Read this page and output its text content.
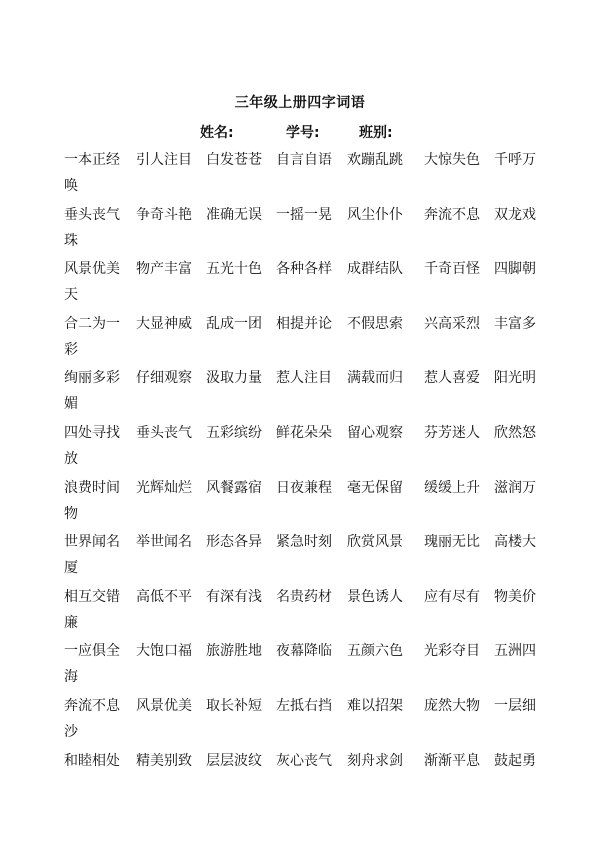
三年级上册四字词语
姓名:	学号:	班别:
一本正经 引人注目 白发苍苍 自言自语 欢蹦乱跳 大惊失色 千呼万
唤
垂头丧气 争奇斗艳 准确无误 一摇一晃 风尘仆仆 奔流不息 双龙戏
珠
风景优美 物产丰富 五光十色 各种各样 成群结队 千奇百怪 四脚朝
天
合二为一 大显神威 乱成一团 相提并论 不假思索 兴高采烈 丰富多
彩
绚丽多彩 仔细观察 汲取力量 惹人注目 满载而归 惹人喜爱 阳光明
媚
四处寻找 垂头丧气 五彩缤纷 鲜花朵朵 留心观察 芬芳迷人 欣然怒
放
浪费时间 光辉灿烂 风餐露宿 日夜兼程 毫无保留 缓缓上升 滋润万
物
世界闻名 举世闻名 形态各异 紧急时刻 欣赏风景 瑰丽无比 高楼大
厦
相互交错 高低不平 有深有浅 名贵药材 景色诱人 应有尽有 物美价
廉
一应俱全 大饱口福 旅游胜地 夜幕降临 五颜六色 光彩夺目 五洲四
海
奔流不息 风景优美 取长补短 左抵右挡 难以招架 庞然大物 一层细
沙
和睦相处 精美别致 层层波纹 灰心丧气 刻舟求剑 渐渐平息 鼓起勇
